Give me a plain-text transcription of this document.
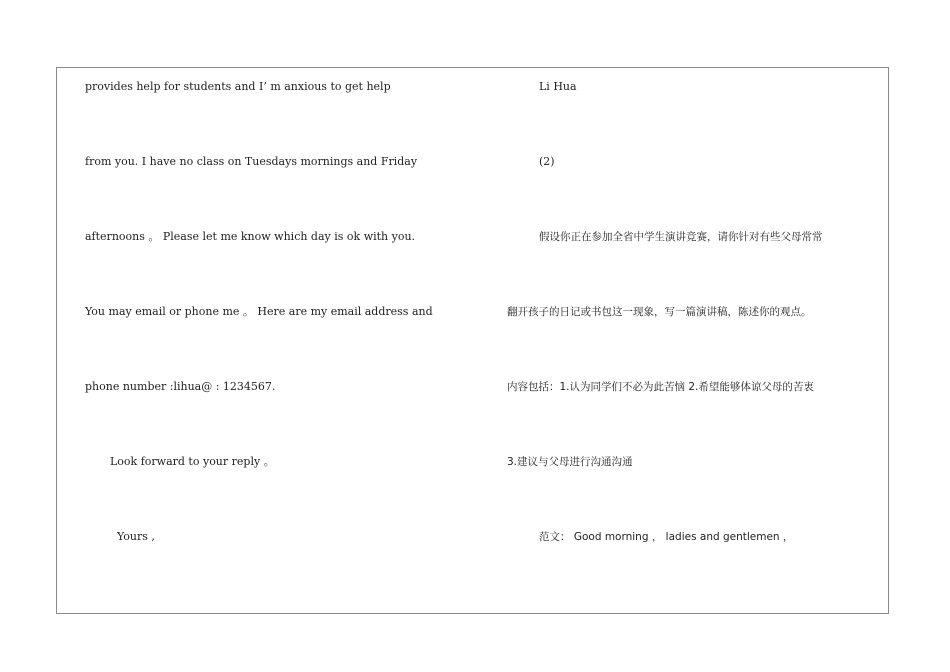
provides help for students and I’ m anxious to get help
from you. I have no class on Tuesdays mornings and Friday
afternoons 。 Please let me know which day is ok with you.
You may email or phone me 。 Here are my email address and
phone number :lihua@ : 1234567.
Look forward to your reply 。
Yours ,
Li Hua
(2)
假设你正在参加全省中学生演讲竞赛，请你针对有些父母常常
翻开孩子的日记或书包这一现象，写一篇演讲稿，陈述你的观点。
内容包括：1.认为同学们不必为此苦恼 2.希望能够体谅父母的苦衷
3.建议与父母进行沟通沟通
范文： Good morning ， ladies and gentlemen ，
